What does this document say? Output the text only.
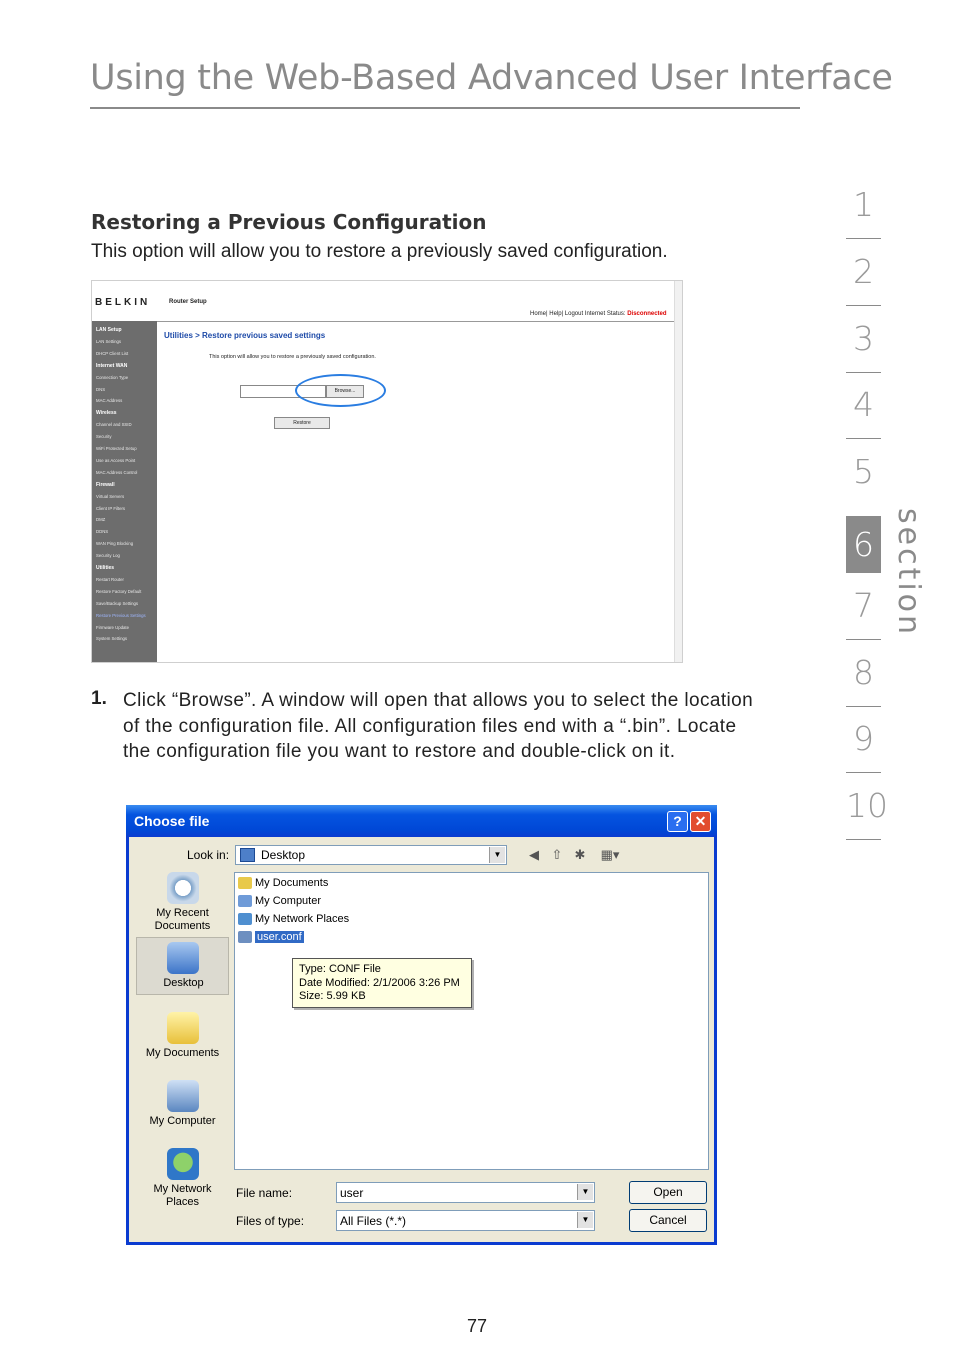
Using the Web-Based Advanced User Interface
Restoring a Previous Configuration
This option will allow you to restore a previously saved configuration.
1
2
3
4
5
6
7
8
9
10
section
BELKIN	Router Setup
Home| Help| Logout Internet Status: Disconnected
LAN Setup
LAN Settings
DHCP Client List
Internet WAN
Connection Type
DNS
MAC Address
Wireless
Channel and SSID
Security
WiFi Protected Setup
Use as Access Point
MAC Address Control
Firewall
Virtual Servers
Client IP Filters
DMZ
DDNS
WAN Ping Blocking
Security Log
Utilities
Restart Router
Restore Factory Default
Save/Backup Settings
Restore Previous Settings
Firmware Update
System Settings
Utilities > Restore previous saved settings
This option will allow you to restore a previously saved configuration.
Browse...
Restore
1. Click “Browse”. A window will open that allows you to select the location of the configuration file. All configuration files end with a “.bin”. Locate the configuration file you want to restore and double-click on it.
Choose file	? ✕
Look in:	Desktop	▼ ◀ ⇧ ✱ ▦▾
My Recent Documents
Desktop
My Documents
My Computer
My Network Places
My Documents
My Computer
My Network Places
user.conf
Type: CONF File
Date Modified: 2/1/2006 3:26 PM
Size: 5.99 KB
File name:	user	▼
Files of type:	All Files (*.*)	▼
Open
Cancel
77
